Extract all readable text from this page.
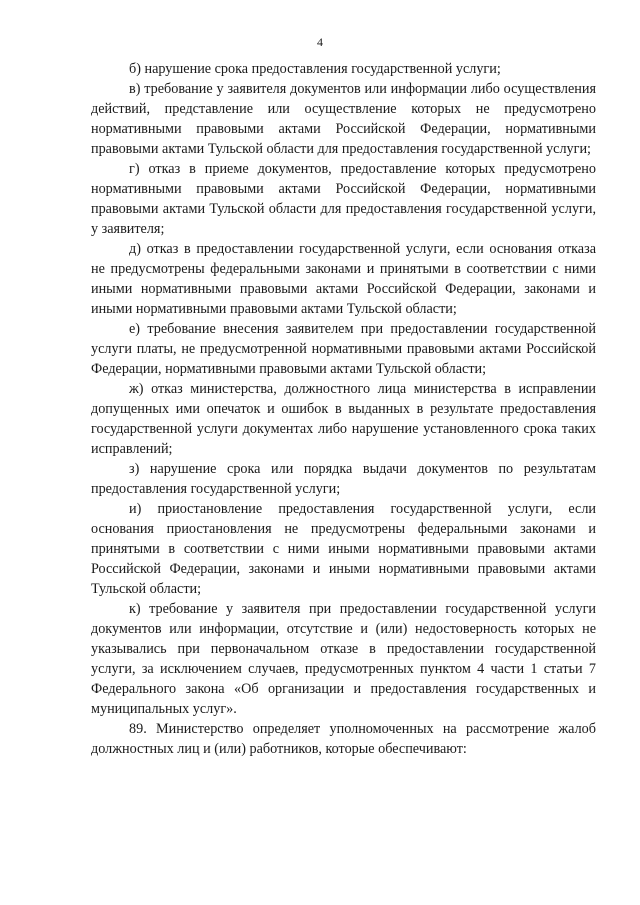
4

б) нарушение срока предоставления государственной услуги;

в) требование у заявителя документов или информации либо осуществления действий, представление или осуществление которых не предусмотрено нормативными правовыми актами Российской Федерации, нормативными правовыми актами Тульской области для предоставления государственной услуги;

г) отказ в приеме документов, предоставление которых предусмотрено нормативными правовыми актами Российской Федерации, нормативными правовыми актами Тульской области для предоставления государственной услуги, у заявителя;

д) отказ в предоставлении государственной услуги, если основания отказа не предусмотрены федеральными законами и принятыми в соответствии с ними иными нормативными правовыми актами Российской Федерации, законами и иными нормативными правовыми актами Тульской области;

е) требование внесения заявителем при предоставлении государственной услуги платы, не предусмотренной нормативными правовыми актами Российской Федерации, нормативными правовыми актами Тульской области;

ж) отказ министерства, должностного лица министерства в исправлении допущенных ими опечаток и ошибок в выданных в результате предоставления государственной услуги документах либо нарушение установленного срока таких исправлений;

з) нарушение срока или порядка выдачи документов по результатам предоставления государственной услуги;

и) приостановление предоставления государственной услуги, если основания приостановления не предусмотрены федеральными законами и принятыми в соответствии с ними иными нормативными правовыми актами Российской Федерации, законами и иными нормативными правовыми актами Тульской области;

к) требование у заявителя при предоставлении государственной услуги документов или информации, отсутствие и (или) недостоверность которых не указывались при первоначальном отказе в предоставлении государственной услуги, за исключением случаев, предусмотренных пунктом 4 части 1 статьи 7 Федерального закона «Об организации и предоставления государственных и муниципальных услуг».

89. Министерство определяет уполномоченных на рассмотрение жалоб должностных лиц и (или) работников, которые обеспечивают:
